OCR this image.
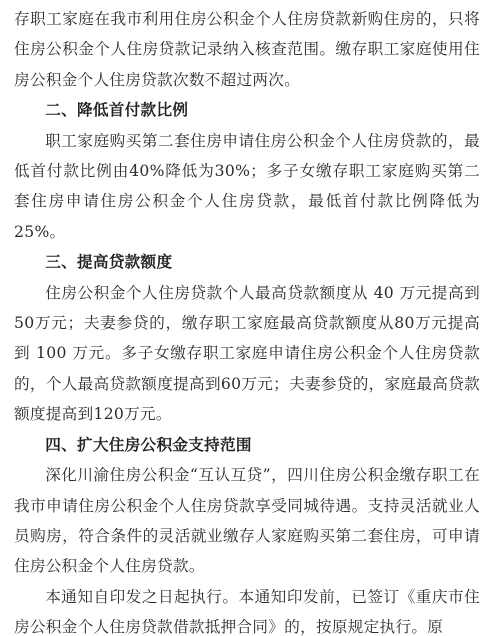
存职工家庭在我市利用住房公积金个人住房贷款新购住房的，只将住房公积金个人住房贷款记录纳入核查范围。缴存职工家庭使用住房公积金个人住房贷款次数不超过两次。

二、降低首付款比例

职工家庭购买第二套住房申请住房公积金个人住房贷款的，最低首付款比例由40%降低为30%；多子女缴存职工家庭购买第二套住房申请住房公积金个人住房贷款，最低首付款比例降低为25%。

三、提高贷款额度

住房公积金个人住房贷款个人最高贷款额度从 40 万元提高到50万元；夫妻参贷的，缴存职工家庭最高贷款额度从80万元提高到 100 万元。多子女缴存职工家庭申请住房公积金个人住房贷款的，个人最高贷款额度提高到60万元；夫妻参贷的，家庭最高贷款额度提高到120万元。

四、扩大住房公积金支持范围

深化川渝住房公积金“互认互贷”，四川住房公积金缴存职工在我市申请住房公积金个人住房贷款享受同城待遇。支持灵活就业人员购房，符合条件的灵活就业缴存人家庭购买第二套住房，可申请住房公积金个人住房贷款。

本通知自印发之日起执行。本通知印发前，已签订《重庆市住房公积金个人住房贷款借款抵押合同》的，按原规定执行。原
